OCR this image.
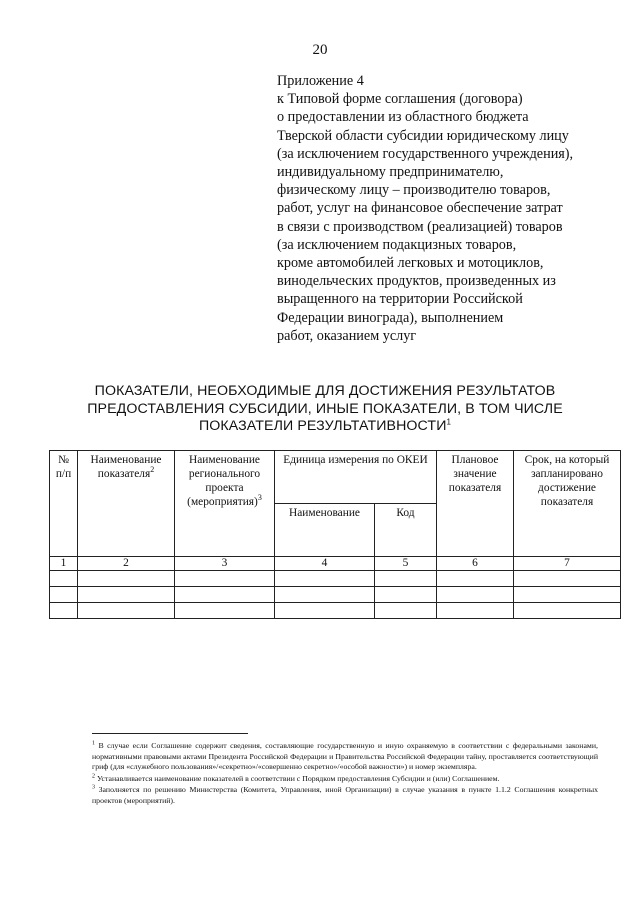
20
Приложение 4
к Типовой форме соглашения (договора)
о предоставлении из областного бюджета
Тверской области субсидии юридическому лицу
(за исключением государственного учреждения),
индивидуальному предпринимателю,
физическому лицу – производителю товаров,
работ, услуг на финансовое обеспечение затрат
в связи с производством (реализацией) товаров
(за исключением подакцизных товаров,
кроме автомобилей легковых и мотоциклов,
винодельческих продуктов, произведенных из
выращенного на территории Российской
Федерации винограда), выполнением
работ, оказанием услуг
ПОКАЗАТЕЛИ, НЕОБХОДИМЫЕ ДЛЯ ДОСТИЖЕНИЯ РЕЗУЛЬТАТОВ
ПРЕДОСТАВЛЕНИЯ СУБСИДИИ, ИНЫЕ ПОКАЗАТЕЛИ, В ТОМ ЧИСЛЕ
ПОКАЗАТЕЛИ РЕЗУЛЬТАТИВНОСТИ$^1$
№ п/п	Наименование показателя$^2$	Наименование регионального проекта (мероприятия)$^3$	Единица измерения по ОКЕИ		Плановое значение показателя	Срок, на который запланировано достижение показателя
			Наименование	Код		
1	2	3	4	5	6	7

$^1$ В случае если Соглашение содержит сведения, составляющие государственную и иную охраняемую в соответствии с федеральными законами, нормативными правовыми актами Президента Российской Федерации и Правительства Российской Федерации тайну, проставляется соответствующий гриф (для «служебного пользования»/«секретно»/«совершенно секретно»/«особой важности») и номер экземпляра.

$^2$ Устанавливается наименование показателей в соответствии с Порядком предоставления Субсидии и (или) Соглашением.

$^3$ Заполняется по решению Министерства (Комитета, Управления, иной Организации) в случае указания в пункте 1.1.2 Соглашения конкретных проектов (мероприятий).
